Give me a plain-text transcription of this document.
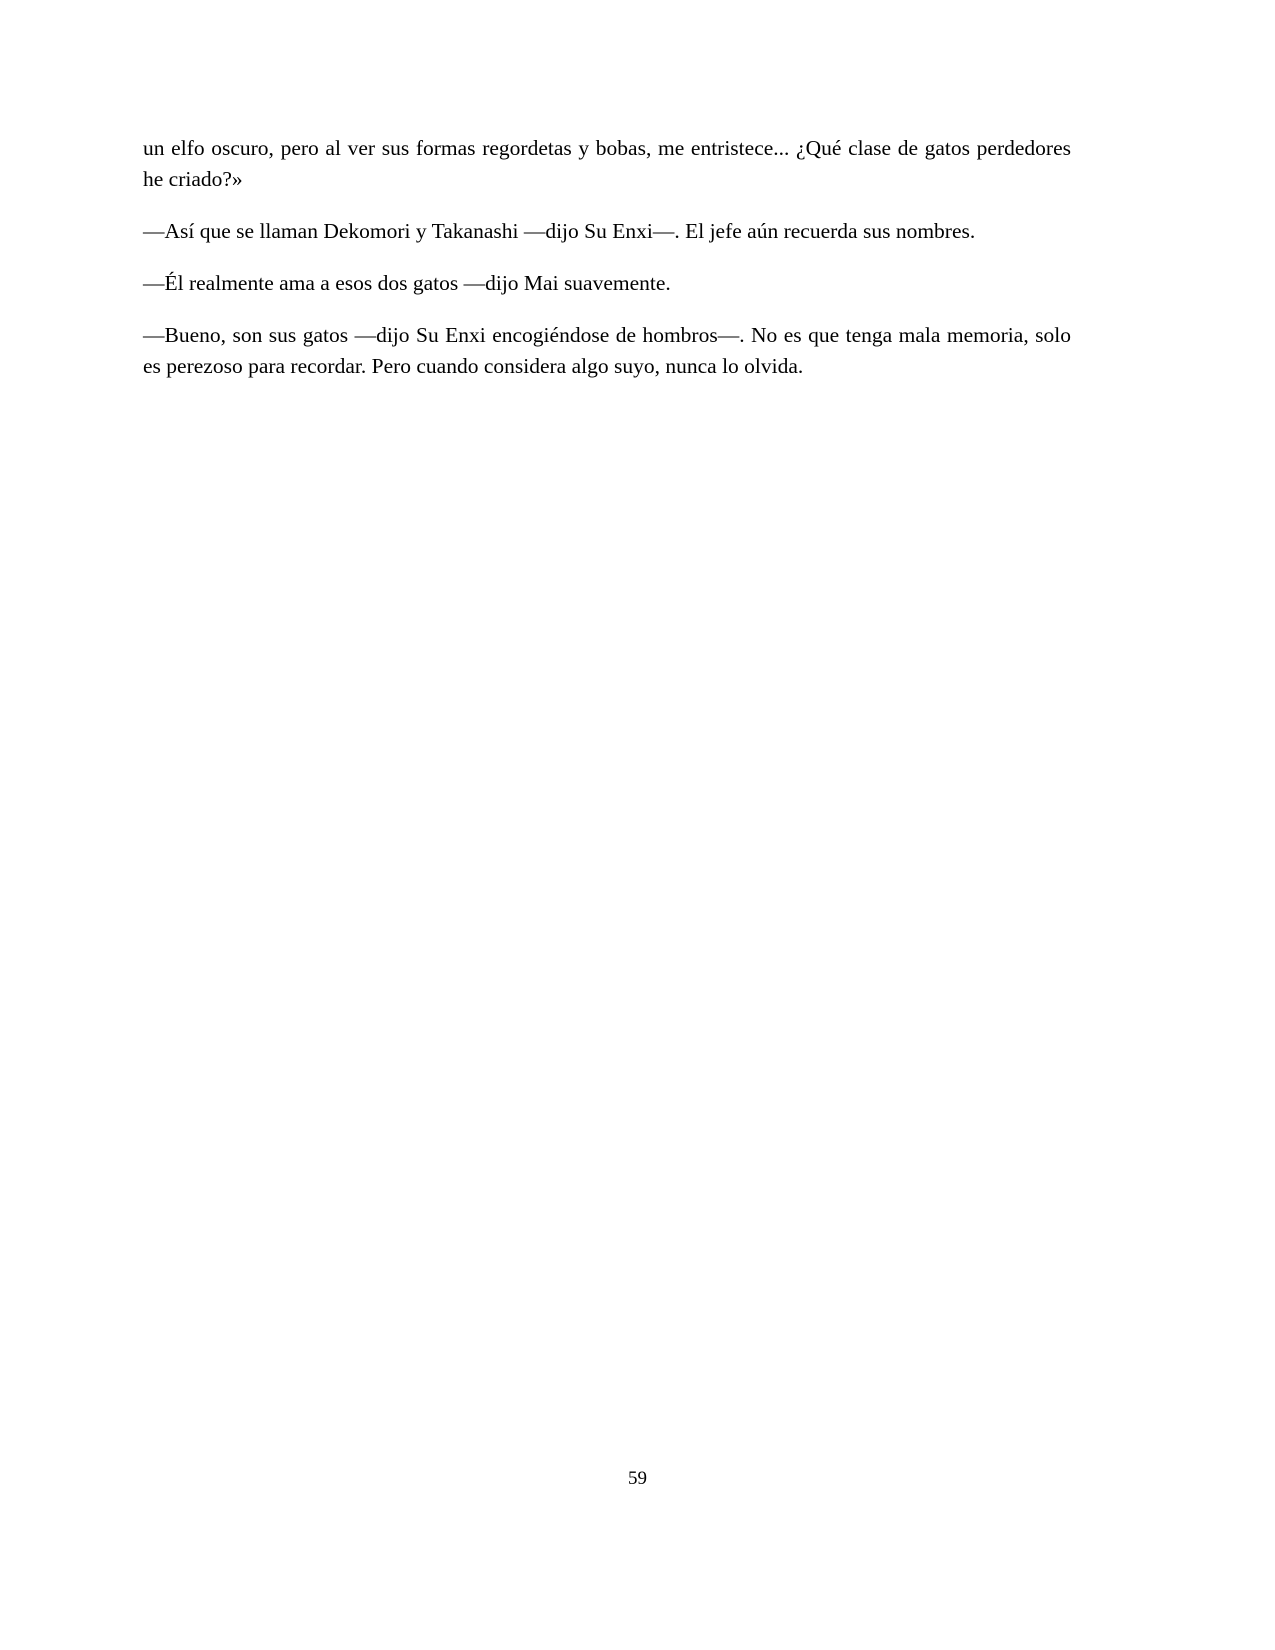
un elfo oscuro, pero al ver sus formas regordetas y bobas, me entristece... ¿Qué clase de gatos perdedores he criado?»

—Así que se llaman Dekomori y Takanashi —dijo Su Enxi—. El jefe aún recuerda sus nombres.

—Él realmente ama a esos dos gatos —dijo Mai suavemente.

—Bueno, son sus gatos —dijo Su Enxi encogiéndose de hombros—. No es que tenga mala memoria, solo es perezoso para recordar. Pero cuando considera algo suyo, nunca lo olvida.

59
